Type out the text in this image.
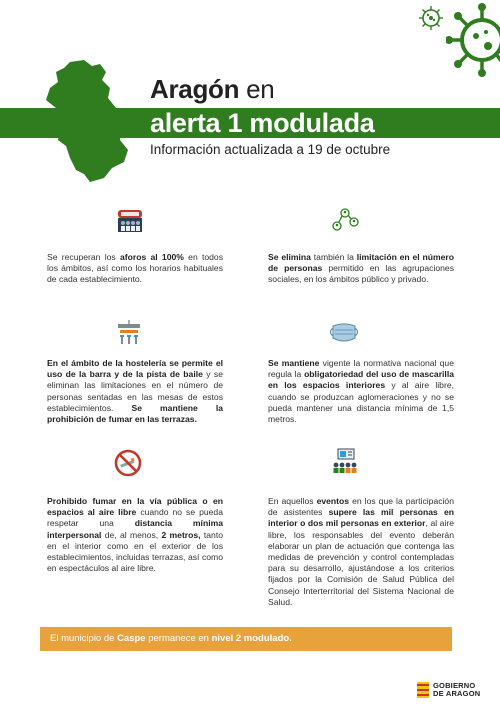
Aragón en
alerta 1 modulada
Información actualizada a 19 de octubre
Se recuperan los aforos al 100% en todos los ámbitos, así como los horarios habituales de cada establecimiento.
Se elimina también la limitación en el número de personas permitido en las agrupaciones sociales, en los ámbitos público y privado.
En el ámbito de la hostelería se permite el uso de la barra y de la pista de baile y se eliminan las limitaciones en el número de personas sentadas en las mesas de estos establecimientos. Se mantiene la prohibición de fumar en las terrazas.
Se mantiene vigente la normativa nacional que regula la obligatoriedad del uso de mascarilla en los espacios interiores y al aire libre, cuando se produzcan aglomeraciones y no se pueda mantener una distancia mínima de 1,5 metros.
Prohibido fumar en la vía pública o en espacios al aire libre cuando no se pueda respetar una distancia mínima interpersonal de, al menos, 2 metros, tanto en el interior como en el exterior de los establecimientos, incluidas terrazas, así como en espectáculos al aire libre.
En aquellos eventos en los que la participación de asistentes supere las mil personas en interior o dos mil personas en exterior, al aire libre, los responsables del evento deberán elaborar un plan de actuación que contenga las medidas de prevención y control contempladas para su desarrollo, ajustándose a los criterios fijados por la Comisión de Salud Pública del Consejo Interterritorial del Sistema Nacional de Salud.
El municipio de Caspe permanece en nivel 2 modulado.
GOBIERNO
DE ARAGON
